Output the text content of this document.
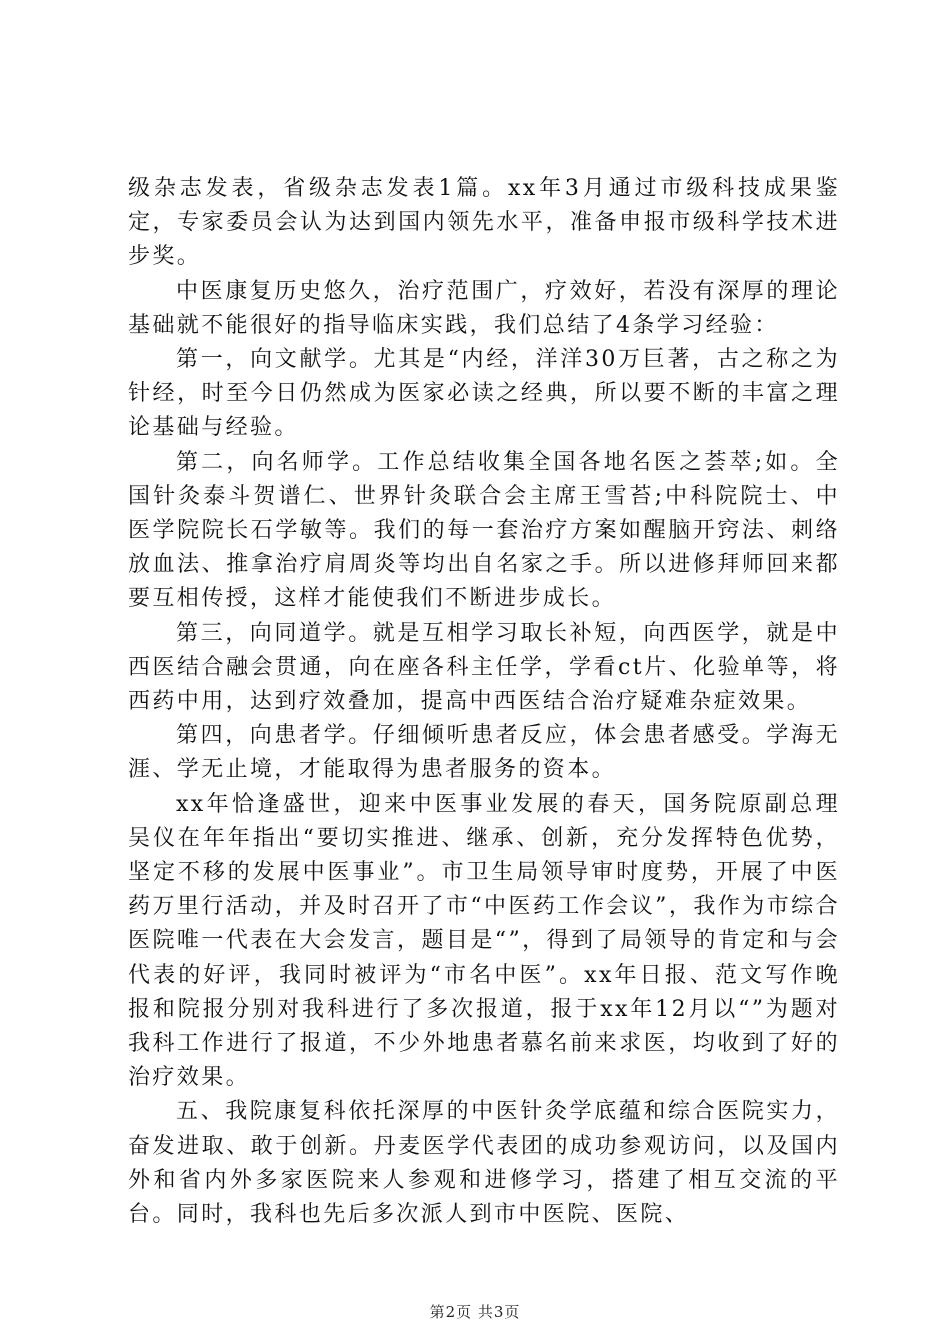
级杂志发表，省级杂志发表1篇。xx年3月通过市级科技成果鉴定，专家委员会认为达到国内领先水平，准备申报市级科学技术进步奖。

中医康复历史悠久，治疗范围广，疗效好，若没有深厚的理论基础就不能很好的指导临床实践，我们总结了4条学习经验：

第一，向文献学。尤其是“内经，洋洋30万巨著，古之称之为针经，时至今日仍然成为医家必读之经典，所以要不断的丰富之理论基础与经验。

第二，向名师学。工作总结收集全国各地名医之荟萃;如。全国针灸泰斗贺谱仁、世界针灸联合会主席王雪苔;中科院院士、中医学院院长石学敏等。我们的每一套治疗方案如醒脑开窍法、刺络放血法、推拿治疗肩周炎等均出自名家之手。所以进修拜师回来都要互相传授，这样才能使我们不断进步成长。

第三，向同道学。就是互相学习取长补短，向西医学，就是中西医结合融会贯通，向在座各科主任学，学看ct片、化验单等，将西药中用，达到疗效叠加，提高中西医结合治疗疑难杂症效果。

第四，向患者学。仔细倾听患者反应，体会患者感受。学海无涯、学无止境，才能取得为患者服务的资本。

xx年恰逢盛世，迎来中医事业发展的春天，国务院原副总理吴仪在年年指出“要切实推进、继承、创新，充分发挥特色优势，坚定不移的发展中医事业”。市卫生局领导审时度势，开展了中医药万里行活动，并及时召开了市“中医药工作会议”，我作为市综合医院唯一代表在大会发言，题目是“”，得到了局领导的肯定和与会代表的好评，我同时被评为“市名中医”。xx年日报、范文写作晚报和院报分别对我科进行了多次报道，报于xx年12月以“”为题对我科工作进行了报道，不少外地患者慕名前来求医，均收到了好的治疗效果。

五、我院康复科依托深厚的中医针灸学底蕴和综合医院实力，奋发进取、敢于创新。丹麦医学代表团的成功参观访问，以及国内外和省内外多家医院来人参观和进修学习，搭建了相互交流的平台。同时，我科也先后多次派人到市中医院、医院、

第2页 共3页
